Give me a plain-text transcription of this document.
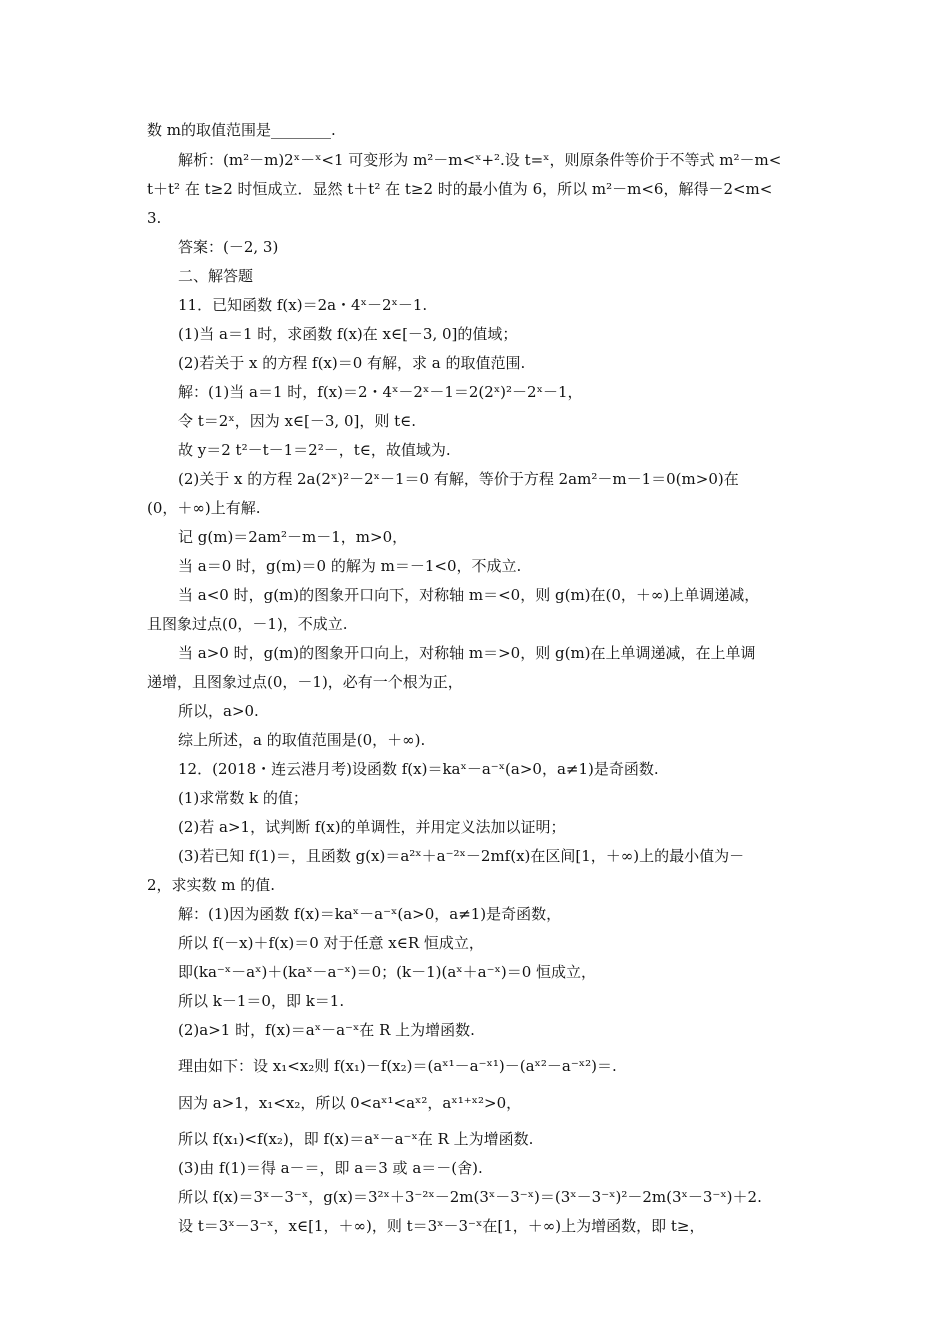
数 m的取值范围是________.
解析：(m²－m)2ˣ－ˣ<1 可变形为 m²－m<ˣ+².设 t=ˣ，则原条件等价于不等式 m²－m<
t＋t² 在 t≥2 时恒成立．显然 t＋t² 在 t≥2 时的最小值为 6，所以 m²－m<6，解得－2<m<
3.
答案：(－2, 3)
二、解答题
11．已知函数 f(x)＝2a・4ˣ－2ˣ－1.
(1)当 a＝1 时，求函数 f(x)在 x∈[－3, 0]的值域；
(2)若关于 x 的方程 f(x)＝0 有解，求 a 的取值范围.
解：(1)当 a＝1 时，f(x)＝2・4ˣ－2ˣ－1＝2(2ˣ)²－2ˣ－1，
令 t＝2ˣ，因为 x∈[－3, 0]，则 t∈.
故 y＝2 t²－t－1＝2²－，t∈，故值域为.
(2)关于 x 的方程 2a(2ˣ)²－2ˣ－1＝0 有解，等价于方程 2am²－m－1＝0(m>0)在
(0，＋∞)上有解.
记 g(m)＝2am²－m－1，m>0，
当 a＝0 时，g(m)＝0 的解为 m＝－1<0，不成立.
当 a<0 时，g(m)的图象开口向下，对称轴 m＝<0，则 g(m)在(0，＋∞)上单调递减，
且图象过点(0，－1)，不成立.
当 a>0 时，g(m)的图象开口向上，对称轴 m＝>0，则 g(m)在上单调递减，在上单调
递增，且图象过点(0，－1)，必有一个根为正，
所以，a>0.
综上所述，a 的取值范围是(0，＋∞).
12．(2018・连云港月考)设函数 f(x)＝kaˣ－a⁻ˣ(a>0，a≠1)是奇函数.
(1)求常数 k 的值；
(2)若 a>1，试判断 f(x)的单调性，并用定义法加以证明；
(3)若已知 f(1)＝，且函数 g(x)＝a²ˣ＋a⁻²ˣ－2mf(x)在区间[1，＋∞)上的最小值为－
2，求实数 m 的值.
解：(1)因为函数 f(x)＝kaˣ－a⁻ˣ(a>0，a≠1)是奇函数，
所以 f(－x)＋f(x)＝0 对于任意 x∈R 恒成立，
即(ka⁻ˣ－aˣ)＋(kaˣ－a⁻ˣ)＝0；(k－1)(aˣ＋a⁻ˣ)＝0 恒成立，
所以 k－1＝0，即 k＝1.
(2)a>1 时，f(x)＝aˣ－a⁻ˣ在 R 上为增函数.
理由如下：设 x₁<x₂则 f(x₁)－f(x₂)＝(aˣ¹－a⁻ˣ¹)－(aˣ²－a⁻ˣ²)＝.
因为 a>1，x₁<x₂，所以 0<aˣ¹<aˣ²，aˣ¹⁺ˣ²>0，
所以 f(x₁)<f(x₂)，即 f(x)＝aˣ－a⁻ˣ在 R 上为增函数.
(3)由 f(1)＝得 a－＝，即 a＝3 或 a＝－(舍).
所以 f(x)＝3ˣ－3⁻ˣ，g(x)＝3²ˣ＋3⁻²ˣ－2m(3ˣ－3⁻ˣ)＝(3ˣ－3⁻ˣ)²－2m(3ˣ－3⁻ˣ)＋2.
设 t＝3ˣ－3⁻ˣ，x∈[1，＋∞)，则 t＝3ˣ－3⁻ˣ在[1，＋∞)上为增函数，即 t≥，
